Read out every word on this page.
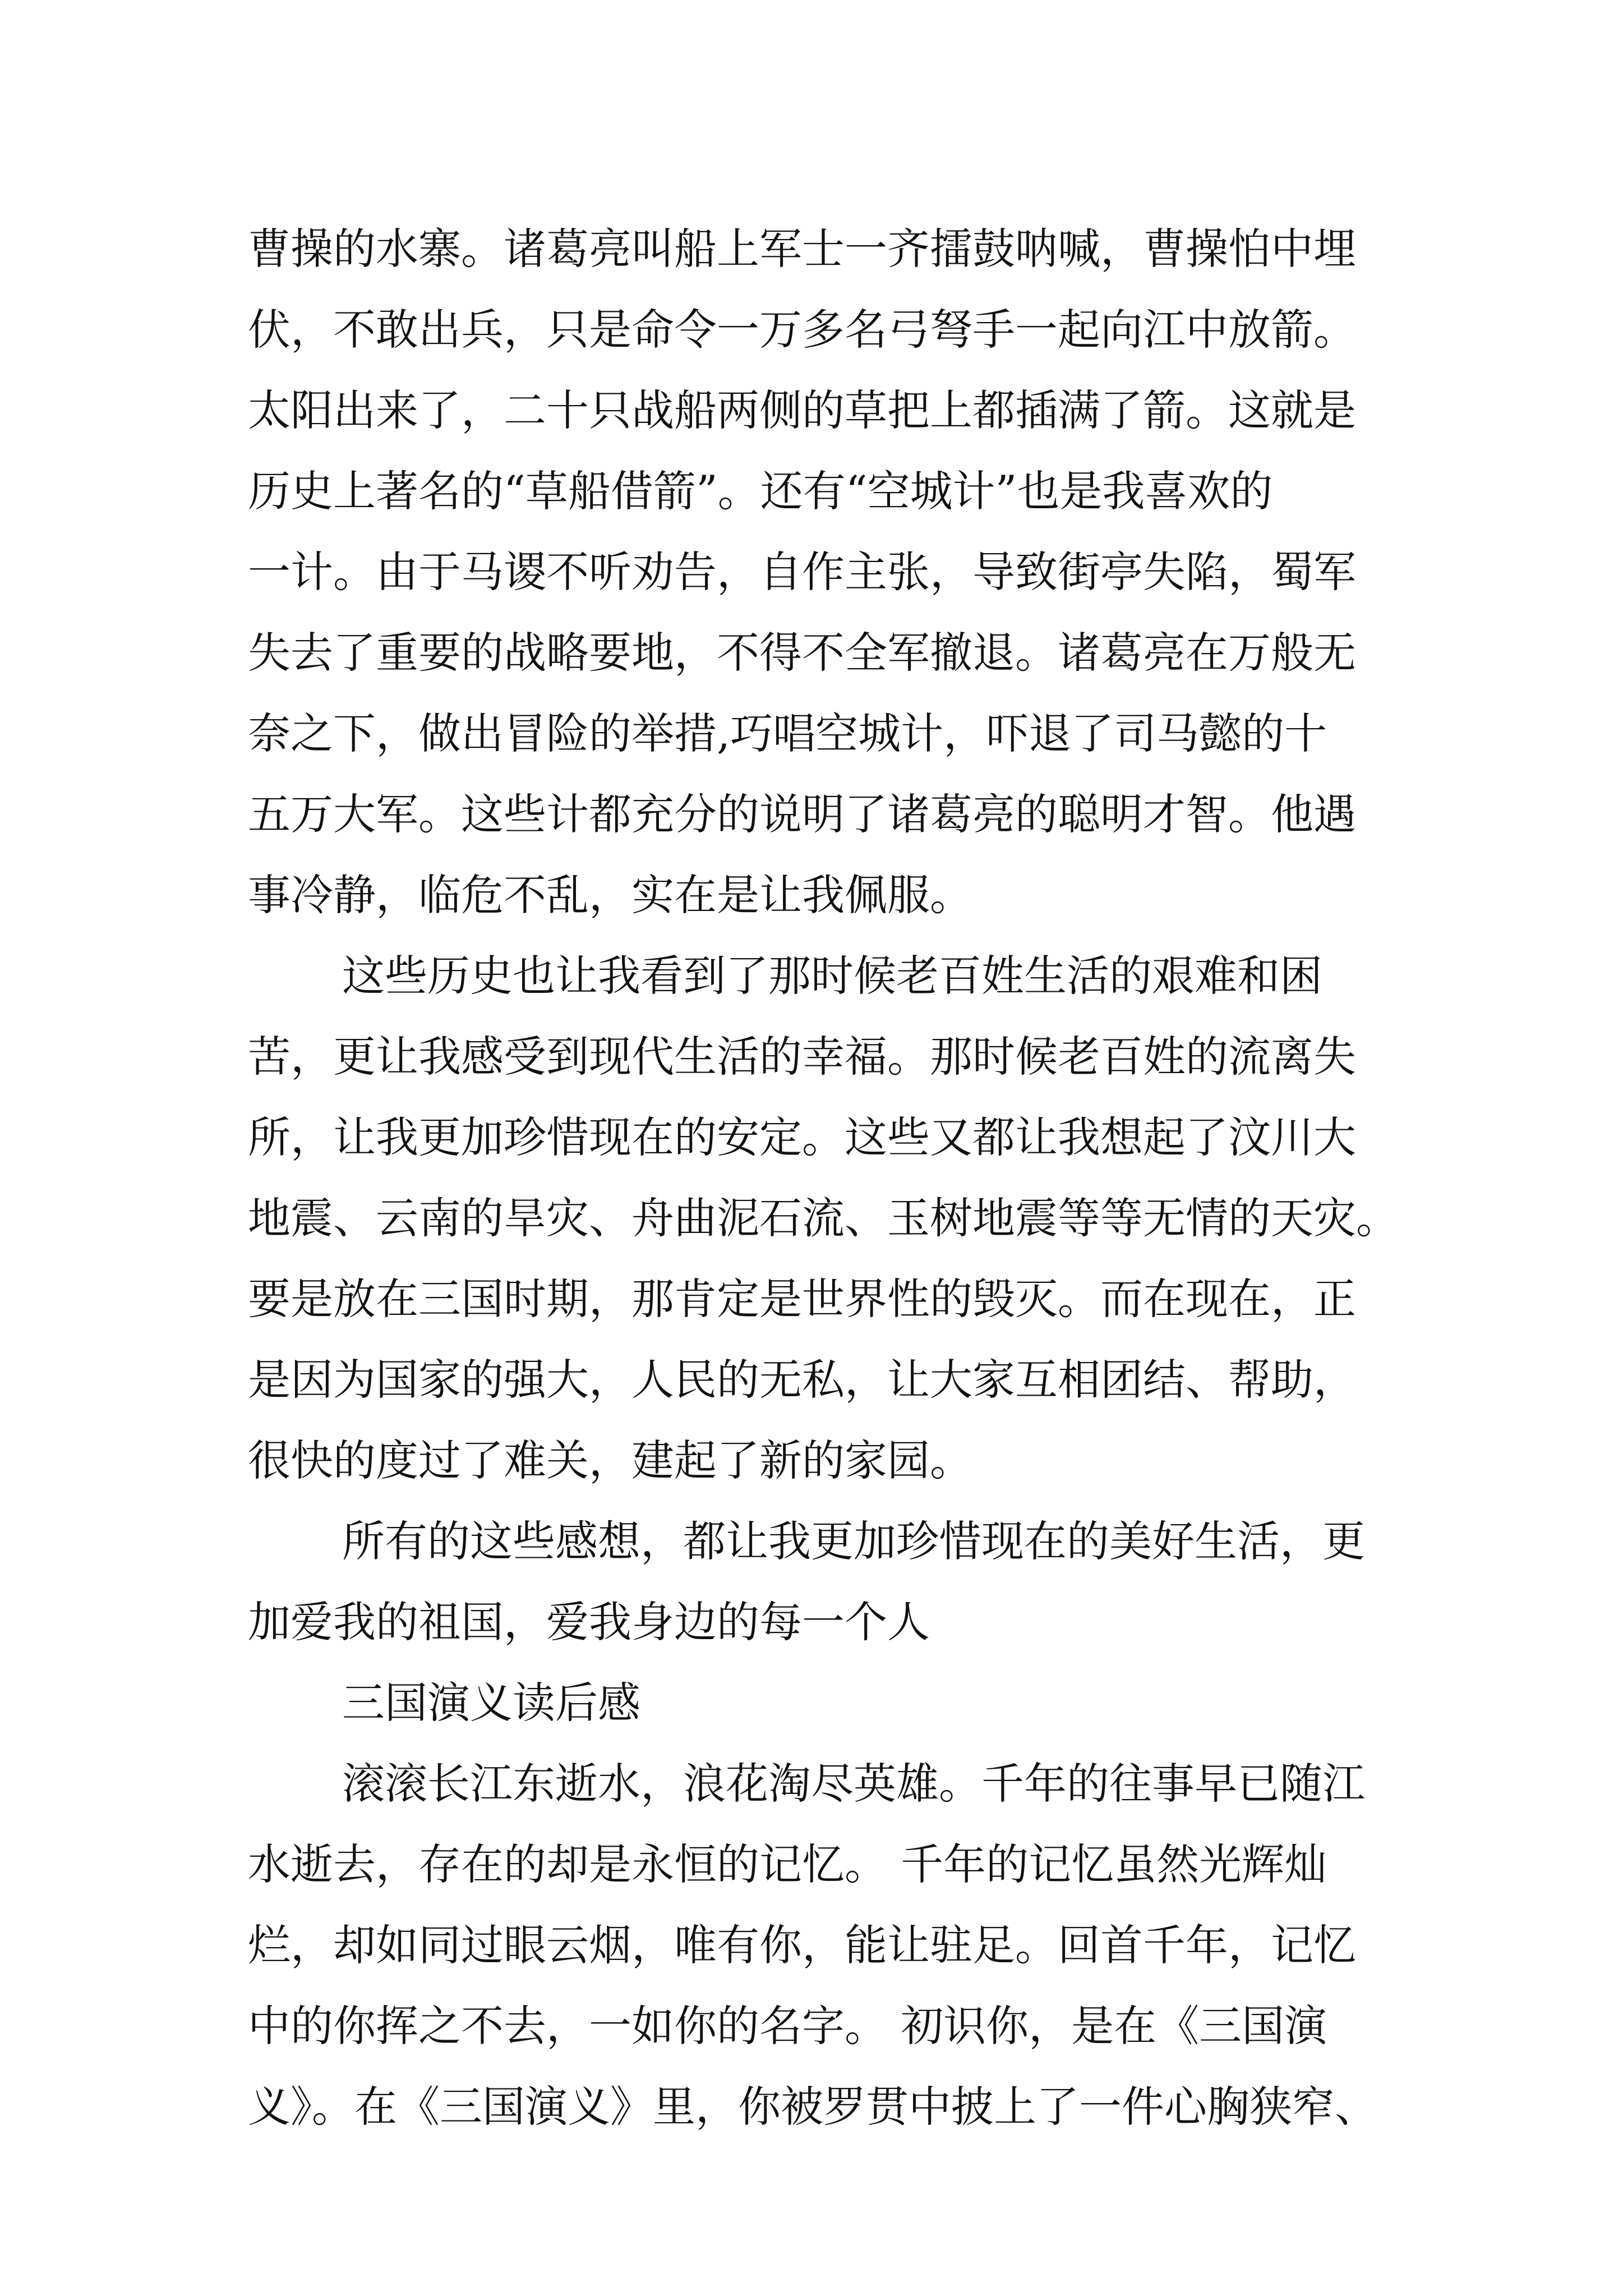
曹操的水寨。诸葛亮叫船上军士一齐擂鼓呐喊，曹操怕中埋
伏，不敢出兵，只是命令一万多名弓弩手一起向江中放箭。
太阳出来了，二十只战船两侧的草把上都插满了箭。这就是
历史上著名的“草船借箭”。还有“空城计”也是我喜欢的
一计。由于马谡不听劝告，自作主张，导致街亭失陷，蜀军
失去了重要的战略要地，不得不全军撤退。诸葛亮在万般无
奈之下，做出冒险的举措,巧唱空城计，吓退了司马懿的十
五万大军。这些计都充分的说明了诸葛亮的聪明才智。他遇
事冷静，临危不乱，实在是让我佩服。
这些历史也让我看到了那时候老百姓生活的艰难和困
苦，更让我感受到现代生活的幸福。那时候老百姓的流离失
所，让我更加珍惜现在的安定。这些又都让我想起了汶川大
地震、云南的旱灾、舟曲泥石流、玉树地震等等无情的天灾。
要是放在三国时期，那肯定是世界性的毁灭。而在现在，正
是因为国家的强大，人民的无私，让大家互相团结、帮助，
很快的度过了难关，建起了新的家园。
所有的这些感想，都让我更加珍惜现在的美好生活，更
加爱我的祖国，爱我身边的每一个人
三国演义读后感
滚滚长江东逝水，浪花淘尽英雄。千年的往事早已随江
水逝去，存在的却是永恒的记忆。 千年的记忆虽然光辉灿
烂，却如同过眼云烟，唯有你，能让驻足。回首千年，记忆
中的你挥之不去，一如你的名字。 初识你，是在《三国演
义》。在《三国演义》里，你被罗贯中披上了一件心胸狭窄、
